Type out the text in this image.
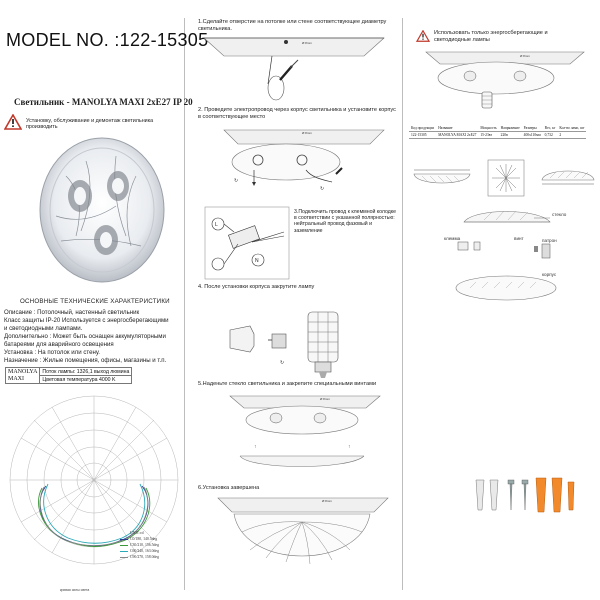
MODEL NO. :122-15305
Светильник - MANOLYA MAXI 2xE27 IP 20
Установку, обслуживание и демонтаж светильника производить
ОСНОВНЫЕ ТЕХНИЧЕСКИЕ ХАРАКТЕРИСТИКИ
Описание : Потолочный, настенный светильник
Класс защиты IP-20 Используется с энергосберегающими
и светодиодными лампами.
Дополнительно : Может быть оснащен аккумуляторными
батареями для аварийного освещения
Установка : На потолок или стену.
Назначение : Жилые помещения, офисы, магазины и т.п.
MANOLYA
MAXI
	Поток лампы: 1326,1 выход люмина
Цветовая температура 4000 K
UNIT:cd
C0/180, 140.5deg
C30/210, 156.5deg
C60/240, 163.0deg
C90/270, 158.0deg
кривая силы света
1.Сделайте отверстие на потолке или стене соответствующее диаметру светильника.
Ø 8mm
2. Проведите электропровод через корпус светильника и установите корпус в соответствующее место
Ø 8mm
↻
↻
L
N
3.Подключить провод к клеммной колодке в соответствии с указанной полярностью: нейтральный провод фазовый и заземление
4. После установки корпуса закрутите лампу
↻
5.Наденьте стекло светильника и закрепите специальными винтами
Ø 8mm
↑	↑
6.Установка завершена
Ø 8mm
Использовать только энергосберегающие и светодиодные лампы
Ø 8mm
Код продукции	Название	Мощность	Напряжение	Размеры	Вес, кг	Кол-во ламп, шт
122-15305	MANOLYA MAXI 2xE27	15-23вт	220в	400х110мм	0,732	2
стекло
клемма	винт	патрон
корпус
